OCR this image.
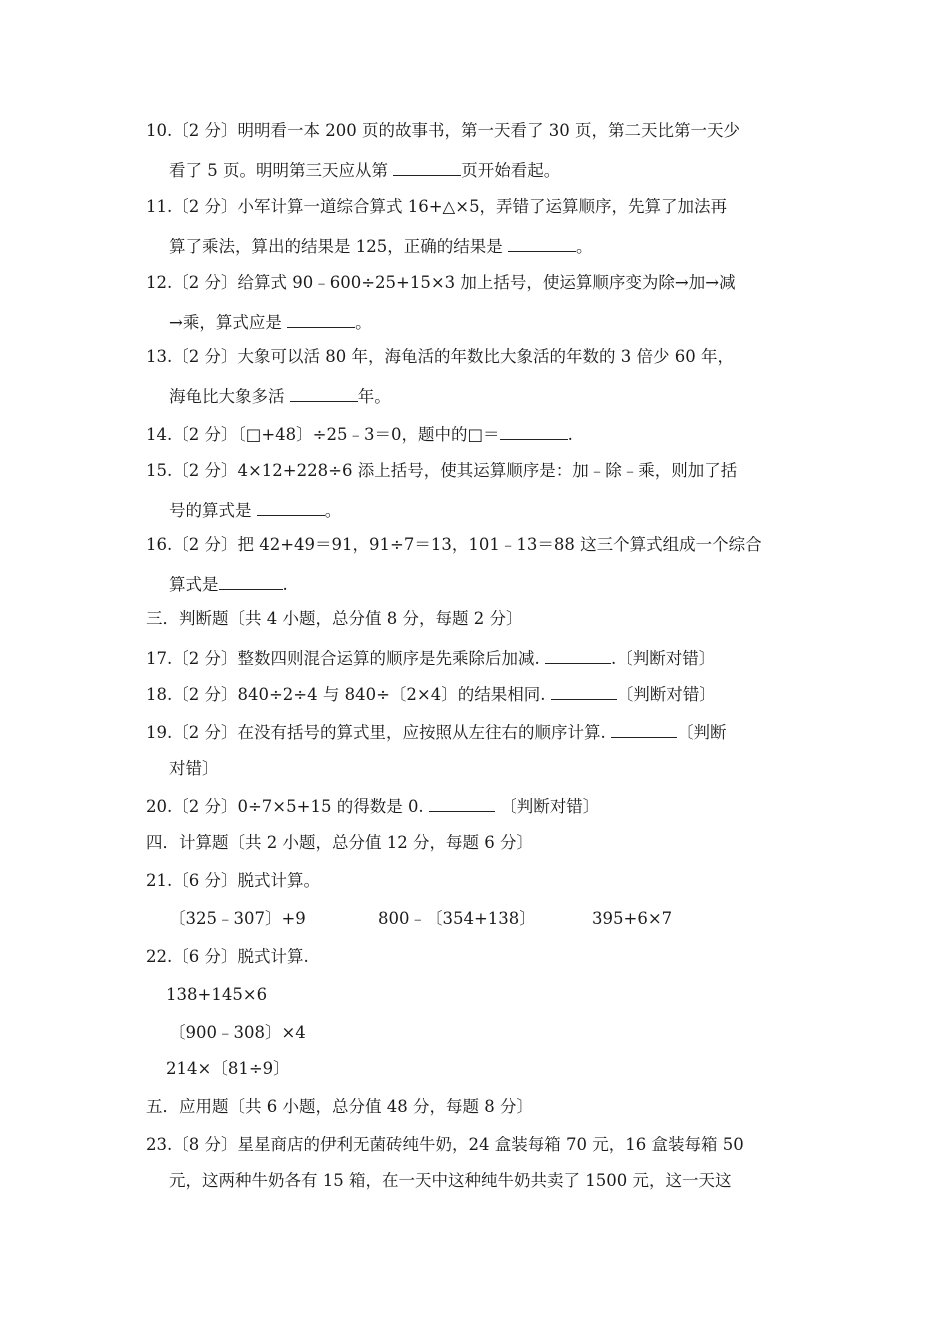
10.〔2 分〕明明看一本 200 页的故事书，第一天看了 30 页，第二天比第一天少
看了 5 页。明明第三天应从第	页开始看起。
11.〔2 分〕小军计算一道综合算式 16+△×5，弄错了运算顺序，先算了加法再
算了乘法，算出的结果是 125，正确的结果是	。
12.〔2 分〕给算式 90﹣600÷25+15×3 加上括号，使运算顺序变为除→加→减
→乘，算式应是	。
13.〔2 分〕大象可以活 80 年，海龟活的年数比大象活的年数的 3 倍少 60 年，
海龟比大象多活	年。
14.〔2 分〕〔□+48〕÷25﹣3＝0，题中的□＝	.
15.〔2 分〕4×12+228÷6 添上括号，使其运算顺序是：加﹣除﹣乘，则加了括
号的算式是	。
16.〔2 分〕把 42+49＝91，91÷7＝13，101﹣13＝88 这三个算式组成一个综合
算式是	.
三．判断题〔共 4 小题，总分值 8 分，每题 2 分〕
17.〔2 分〕整数四则混合运算的顺序是先乘除后加减.	.〔判断对错〕
18.〔2 分〕840÷2÷4 与 840÷〔2×4〕的结果相同.	〔判断对错〕
19.〔2 分〕在没有括号的算式里，应按照从左往右的顺序计算.	〔判断
对错〕
20.〔2 分〕0÷7×5+15 的得数是 0.	〔判断对错〕
四．计算题〔共 2 小题，总分值 12 分，每题 6 分〕
21.〔6 分〕脱式计算。
〔325﹣307〕+9	800﹣〔354+138〕	395+6×7
22.〔6 分〕脱式计算.
138+145×6
〔900﹣308〕×4
214×〔81÷9〕
五．应用题〔共 6 小题，总分值 48 分，每题 8 分〕
23.〔8 分〕星星商店的伊利无菌砖纯牛奶，24 盒装每箱 70 元，16 盒装每箱 50
元，这两种牛奶各有 15 箱，在一天中这种纯牛奶共卖了 1500 元，这一天这
